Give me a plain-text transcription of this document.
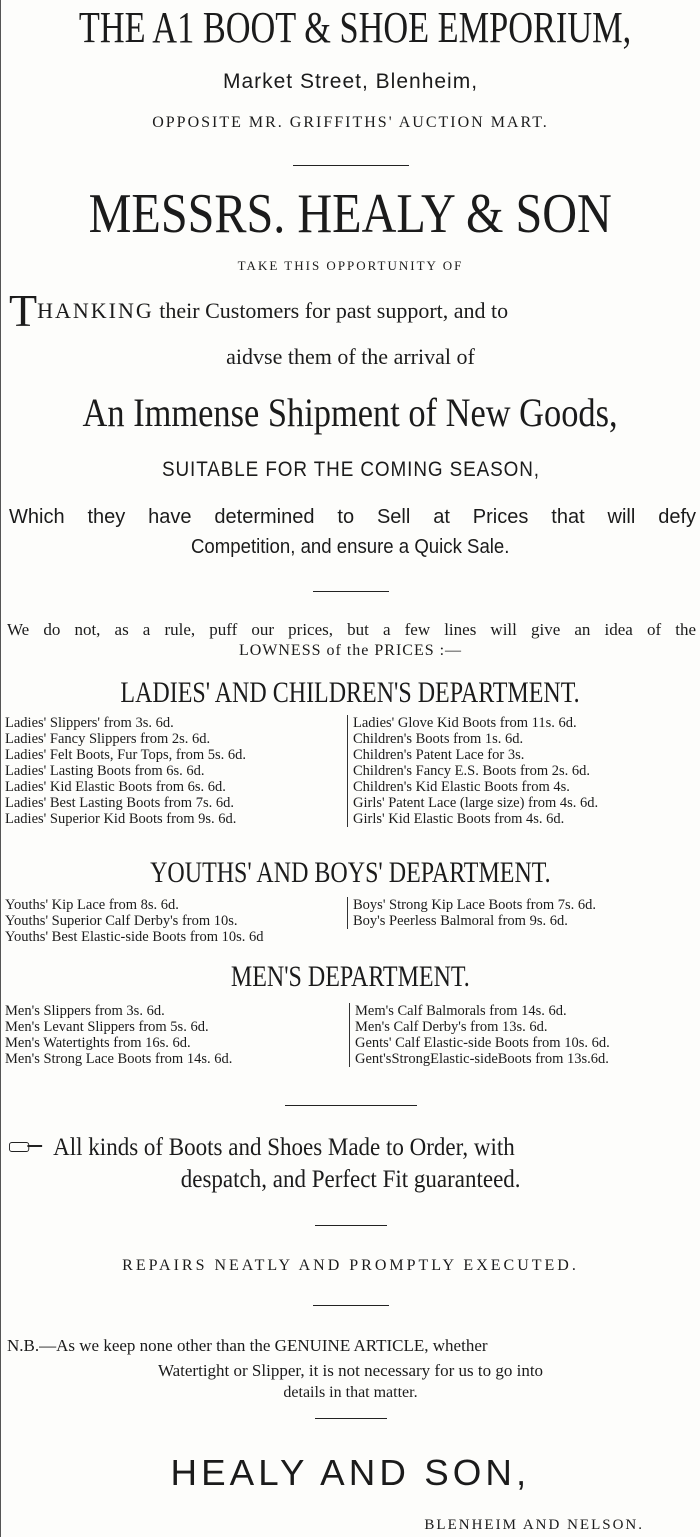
THE A1 BOOT & SHOE EMPORIUM,
Market Street, Blenheim,
OPPOSITE MR. GRIFFITHS' AUCTION MART.
MESSRS. HEALY & SON
TAKE THIS OPPORTUNITY OF
THANKING their Customers for past support, and to
aidvse them of the arrival of
An Immense Shipment of New Goods,
SUITABLE FOR THE COMING SEASON,
Which they have determined to Sell at Prices that will defy
Competition, and ensure a Quick Sale.
We do not, as a rule, puff our prices, but a few lines will give an idea of the
LOWNESS of the PRICES :—
LADIES' AND CHILDREN'S DEPARTMENT.
Ladies' Slippers' from 3s. 6d.
Ladies' Fancy Slippers from 2s. 6d.
Ladies' Felt Boots, Fur Tops, from 5s. 6d.
Ladies' Lasting Boots from 6s. 6d.
Ladies' Kid Elastic Boots from 6s. 6d.
Ladies' Best Lasting Boots from 7s. 6d.
Ladies' Superior Kid Boots from 9s. 6d.
Ladies' Glove Kid Boots from 11s. 6d.
Children's Boots from 1s. 6d.
Children's Patent Lace for 3s.
Children's Fancy E.S. Boots from 2s. 6d.
Children's Kid Elastic Boots from 4s.
Girls' Patent Lace (large size) from 4s. 6d.
Girls' Kid Elastic Boots from 4s. 6d.
YOUTHS' AND BOYS' DEPARTMENT.
Youths' Kip Lace from 8s. 6d.
Youths' Superior Calf Derby's from 10s.
Youths' Best Elastic-side Boots from 10s. 6d
Boys' Strong Kip Lace Boots from 7s. 6d.
Boy's Peerless Balmoral from 9s. 6d.
MEN'S DEPARTMENT.
Men's Slippers from 3s. 6d.
Men's Levant Slippers from 5s. 6d.
Men's Watertights from 16s. 6d.
Men's Strong Lace Boots from 14s. 6d.
Mem's Calf Balmorals from 14s. 6d.
Men's Calf Derby's from 13s. 6d.
Gents' Calf Elastic-side Boots from 10s. 6d.
Gent'sStrongElastic-sideBoots from 13s.6d.
All kinds of Boots and Shoes Made to Order, with
despatch, and Perfect Fit guaranteed.
REPAIRS NEATLY AND PROMPTLY EXECUTED.
N.B.—As we keep none other than the GENUINE ARTICLE, whether
Watertight or Slipper, it is not necessary for us to go into
details in that matter.
HEALY AND SON,
BLENHEIM AND NELSON.
